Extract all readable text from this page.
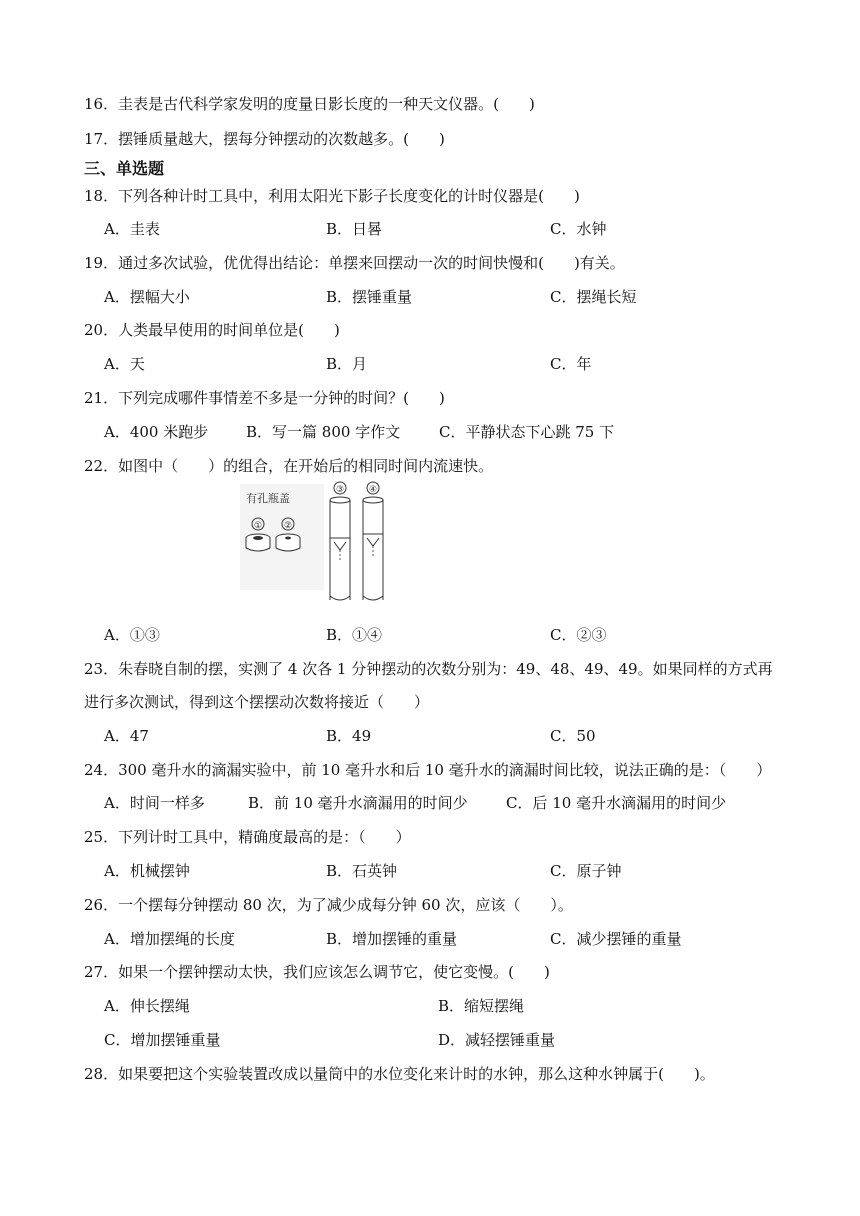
16．圭表是古代科学家发明的度量日影长度的一种天文仪器。(　　)
17．摆锤质量越大，摆每分钟摆动的次数越多。(　　)
三、单选题
18．下列各种计时工具中，利用太阳光下影子长度变化的计时仪器是(　　)
A．圭表	B．日晷	C．水钟
19．通过多次试验，优优得出结论：单摆来回摆动一次的时间快慢和(　　)有关。
A．摆幅大小	B．摆锤重量	C．摆绳长短
20．人类最早使用的时间单位是(　　)
A．天	B．月	C．年
21．下列完成哪件事情差不多是一分钟的时间？(　　)
A．400 米跑步	B．写一篇 800 字作文	C．平静状态下心跳 75 下
22．如图中（　　）的组合，在开始后的相同时间内流速快。
有孔瓶盖
① ②
③	④
A．①③	B．①④	C．②③
23．朱春晓自制的摆，实测了 4 次各 1 分钟摆动的次数分别为：49、48、49、49。如果同样的方式再
进行多次测试，得到这个摆摆动次数将接近（　　）
A．47	B．49	C．50
24．300 毫升水的滴漏实验中，前 10 毫升水和后 10 毫升水的滴漏时间比较，说法正确的是：（　　）
A．时间一样多	B．前 10 毫升水滴漏用的时间少	C．后 10 毫升水滴漏用的时间少
25．下列计时工具中，精确度最高的是：（　　）
A．机械摆钟	B．石英钟	C．原子钟
26．一个摆每分钟摆动 80 次，为了减少成每分钟 60 次，应该（　　）。
A．增加摆绳的长度	B．增加摆锤的重量	C．减少摆锤的重量
27．如果一个摆钟摆动太快，我们应该怎么调节它，使它变慢。(　　)
A．伸长摆绳	B．缩短摆绳
C．增加摆锤重量	D．减轻摆锤重量
28．如果要把这个实验装置改成以量筒中的水位变化来计时的水钟，那么这种水钟属于(　　)。
